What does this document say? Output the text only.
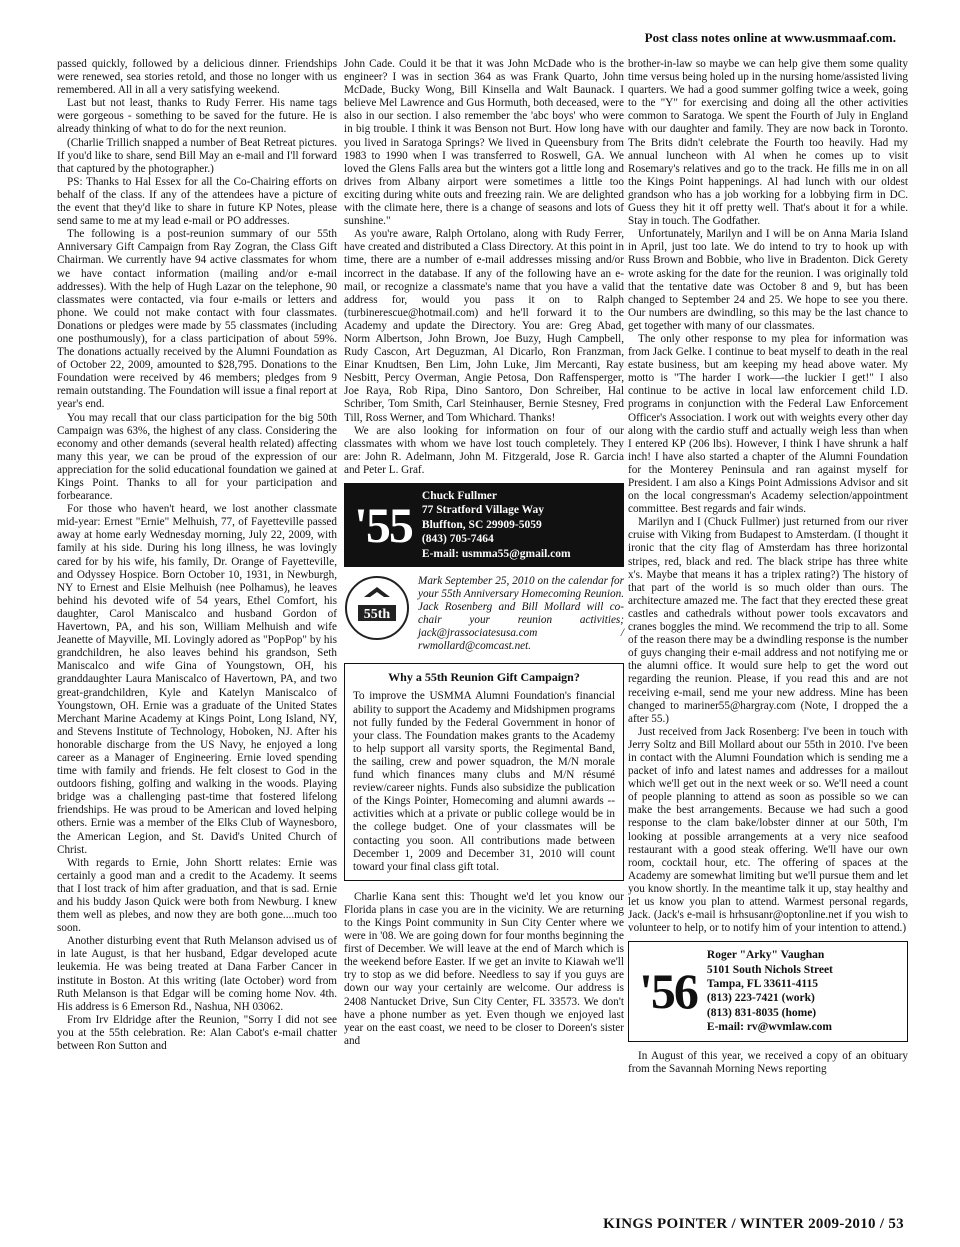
Post class notes online at www.usmmaaf.com.

passed quickly, followed by a delicious dinner. Friendships were renewed, sea stories retold, and those no longer with us remembered. All in all a very satisfying weekend.

Last but not least, thanks to Rudy Ferrer. His name tags were gorgeous - something to be saved for the future. He is already thinking of what to do for the next reunion.

(Charlie Trillich snapped a number of Beat Retreat pictures. If you'd like to share, send Bill May an e-mail and I'll forward that captured by the photographer.)

PS: Thanks to Hal Essex for all the Co-Chairing efforts on behalf of the class. If any of the attendees have a picture of the event that they'd like to share in future KP Notes, please send same to me at my lead e-mail or PO addresses.

The following is a post-reunion summary of our 55th Anniversary Gift Campaign from Ray Zogran, the Class Gift Chairman. We currently have 94 active classmates for whom we have contact information (mailing and/or e-mail addresses). With the help of Hugh Lazar on the telephone, 90 classmates were contacted, via four e-mails or letters and phone. We could not make contact with four classmates. Donations or pledges were made by 55 classmates (including one posthumously), for a class participation of about 59%. The donations actually received by the Alumni Foundation as of October 22, 2009, amounted to $28,795. Donations to the Foundation were received by 46 members; pledges from 9 remain outstanding. The Foundation will issue a final report at year's end.

You may recall that our class participation for the big 50th Campaign was 63%, the highest of any class. Considering the economy and other demands (several health related) affecting many this year, we can be proud of the expression of our appreciation for the solid educational foundation we gained at Kings Point. Thanks to all for your participation and forbearance.

For those who haven't heard, we lost another classmate mid-year: Ernest "Ernie" Melhuish, 77, of Fayetteville passed away at home early Wednesday morning, July 22, 2009, with family at his side. During his long illness, he was lovingly cared for by his wife, his family, Dr. Orange of Fayetteville, and Odyssey Hospice. Born October 10, 1931, in Newburgh, NY to Ernest and Elsie Melhuish (nee Polhamus), he leaves behind his devoted wife of 54 years, Ethel Comfort, his daughter, Carol Maniscalco and husband Gordon of Havertown, PA, and his son, William Melhuish and wife Jeanette of Mayville, MI. Lovingly adored as "PopPop" by his grandchildren, he also leaves behind his grandson, Seth Maniscalco and wife Gina of Youngstown, OH, his granddaughter Laura Maniscalco of Havertown, PA, and two great-grandchildren, Kyle and Katelyn Maniscalco of Youngstown, OH. Ernie was a graduate of the United States Merchant Marine Academy at Kings Point, Long Island, NY, and Stevens Institute of Technology, Hoboken, NJ. After his honorable discharge from the US Navy, he enjoyed a long career as a Manager of Engineering. Ernie loved spending time with family and friends. He felt closest to God in the outdoors fishing, golfing and walking in the woods. Playing bridge was a challenging past-time that fostered lifelong friendships. He was proud to be American and loved helping others. Ernie was a member of the Elks Club of Waynesboro, the American Legion, and St. David's United Church of Christ.

With regards to Ernie, John Shortt relates: Ernie was certainly a good man and a credit to the Academy. It seems that I lost track of him after graduation, and that is sad. Ernie and his buddy Jason Quick were both from Newburg. I knew them well as plebes, and now they are both gone....much too soon.

Another disturbing event that Ruth Melanson advised us of in late August, is that her husband, Edgar developed acute leukemia. He was being treated at Dana Farber Cancer in institute in Boston. At this writing (late October) word from Ruth Melanson is that Edgar will be coming home Nov. 4th. His address is 6 Emerson Rd., Nashua, NH 03062.

From Irv Eldridge after the Reunion, "Sorry I did not see you at the 55th celebration. Re: Alan Cabot's e-mail chatter between Ron Sutton and

John Cade. Could it be that it was John McDade who is the engineer? I was in section 364 as was Frank Quarto, John McDade, Bucky Wong, Bill Kinsella and Walt Baunack. I believe Mel Lawrence and Gus Hormuth, both deceased, were also in our section. I also remember the 'abc boys' who were in big trouble. I think it was Benson not Burt. How long have you lived in Saratoga Springs? We lived in Queensbury from 1983 to 1990 when I was transferred to Roswell, GA. We loved the Glens Falls area but the winters got a little long and drives from Albany airport were sometimes a little too exciting during white outs and freezing rain. We are delighted with the climate here, there is a change of seasons and lots of sunshine."

As you're aware, Ralph Ortolano, along with Rudy Ferrer, have created and distributed a Class Directory. At this point in time, there are a number of e-mail addresses missing and/or incorrect in the database. If any of the following have an e-mail, or recognize a classmate's name that you have a valid address for, would you pass it on to Ralph (turbinerescue@hotmail.com) and he'll forward it to the Academy and update the Directory. You are: Greg Abad, Norm Albertson, John Brown, Joe Buzy, Hugh Campbell, Rudy Cascon, Art Deguzman, Al Dicarlo, Ron Franzman, Einar Knudtsen, Ben Lim, John Luke, Jim Mercanti, Ray Nesbitt, Percy Overman, Angie Petosa, Don Raffensperger, Joe Raya, Rob Ripa, Dino Santoro, Don Schreiber, Hal Schriber, Tom Smith, Carl Steinhauser, Bernie Stesney, Fred Till, Ross Werner, and Tom Whichard. Thanks!

We are also looking for information on four of our classmates with whom we have lost touch completely. They are: John R. Adelmann, John M. Fitzgerald, Jose R. Garcia and Peter L. Graf.

'55
Chuck Fullmer
77 Stratford Village Way
Bluffton, SC 29909-5059
(843) 705-7464
E-mail: usmma55@gmail.com
55th
Mark September 25, 2010 on the calendar for your 55th Anniversary Homecoming Reunion. Jack Rosenberg and Bill Mollard will co-chair your reunion activities; jack@jrassociatesusa.com / rwmollard@comcast.net.
Why a 55th Reunion Gift Campaign?

To improve the USMMA Alumni Foundation's financial ability to support the Academy and Midshipmen programs not fully funded by the Federal Government in honor of your class. The Foundation makes grants to the Academy to help support all varsity sports, the Regimental Band, the sailing, crew and power squadron, the M/N morale fund which finances many clubs and M/N résumé review/career nights. Funds also subsidize the publication of the Kings Pointer, Homecoming and alumni awards -- activities which at a private or public college would be in the college budget. One of your classmates will be contacting you soon. All contributions made between December 1, 2009 and December 31, 2010 will count toward your final class gift total.

Charlie Kana sent this: Thought we'd let you know our Florida plans in case you are in the vicinity. We are returning to the Kings Point community in Sun City Center where we were in '08. We are going down for four months beginning the first of December. We will leave at the end of March which is the weekend before Easter. If we get an invite to Kiawah we'll try to stop as we did before. Needless to say if you guys are down our way your certainly are welcome. Our address is 2408 Nantucket Drive, Sun City Center, FL 33573. We don't have a phone number as yet. Even though we enjoyed last year on the east coast, we need to be closer to Doreen's sister and

brother-in-law so maybe we can help give them some quality time versus being holed up in the nursing home/assisted living quarters. We had a good summer golfing twice a week, going to the "Y" for exercising and doing all the other activities common to Saratoga. We spent the Fourth of July in England with our daughter and family. They are now back in Toronto. The Brits didn't celebrate the Fourth too heavily. Had my annual luncheon with Al when he comes up to visit Rosemary's relatives and go to the track. He fills me in on all the Kings Point happenings. Al had lunch with our oldest grandson who has a job working for a lobbying firm in DC. Guess they hit it off pretty well. That's about it for a while. Stay in touch. The Godfather.

Unfortunately, Marilyn and I will be on Anna Maria Island in April, just too late. We do intend to try to hook up with Russ Brown and Bobbie, who live in Bradenton. Dick Gerety wrote asking for the date for the reunion. I was originally told that the tentative date was October 8 and 9, but has been changed to September 24 and 25. We hope to see you there. Our numbers are dwindling, so this may be the last chance to get together with many of our classmates.

The only other response to my plea for information was from Jack Gelke. I continue to beat myself to death in the real estate business, but am keeping my head above water. My motto is "The harder I work—-the luckier I get!" I also continue to be active in local law enforcement child I.D. programs in conjunction with the Federal Law Enforcement Officer's Association. I work out with weights every other day along with the cardio stuff and actually weigh less than when I entered KP (206 lbs). However, I think I have shrunk a half inch! I have also started a chapter of the Alumni Foundation for the Monterey Peninsula and ran against myself for President. I am also a Kings Point Admissions Advisor and sit on the local congressman's Academy selection/appointment committee. Best regards and fair winds.

Marilyn and I (Chuck Fullmer) just returned from our river cruise with Viking from Budapest to Amsterdam. (I thought it ironic that the city flag of Amsterdam has three horizontal stripes, red, black and red. The black stripe has three white x's. Maybe that means it has a triplex rating?) The history of that part of the world is so much older than ours. The architecture amazed me. The fact that they erected these great castles and cathedrals without power tools excavators and cranes boggles the mind. We recommend the trip to all. Some of the reason there may be a dwindling response is the number of guys changing their e-mail address and not notifying me or the alumni office. It would sure help to get the word out regarding the reunion. Please, if you read this and are not receiving e-mail, send me your new address. Mine has been changed to mariner55@hargray.com (Note, I dropped the a after 55.)

Just received from Jack Rosenberg: I've been in touch with Jerry Soltz and Bill Mollard about our 55th in 2010. I've been in contact with the Alumni Foundation which is sending me a packet of info and latest names and addresses for a mailout which we'll get out in the next week or so. We'll need a count of people planning to attend as soon as possible so we can make the best arrangements. Because we had such a good response to the clam bake/lobster dinner at our 50th, I'm looking at possible arrangements at a very nice seafood restaurant with a good steak offering. We'll have our own room, cocktail hour, etc. The offering of spaces at the Academy are somewhat limiting but we'll pursue them and let you know shortly. In the meantime talk it up, stay healthy and let us know you plan to attend. Warmest personal regards, Jack. (Jack's e-mail is hrhsusanr@optonline.net if you wish to volunteer to help, or to notify him of your intention to attend.)

'56
Roger "Arky" Vaughan
5101 South Nichols Street
Tampa, FL 33611-4115
(813) 223-7421 (work)
(813) 831-8035 (home)
E-mail: rv@wvmlaw.com

In August of this year, we received a copy of an obituary from the Savannah Morning News reporting

KINGS POINTER / WINTER 2009-2010 / 53
